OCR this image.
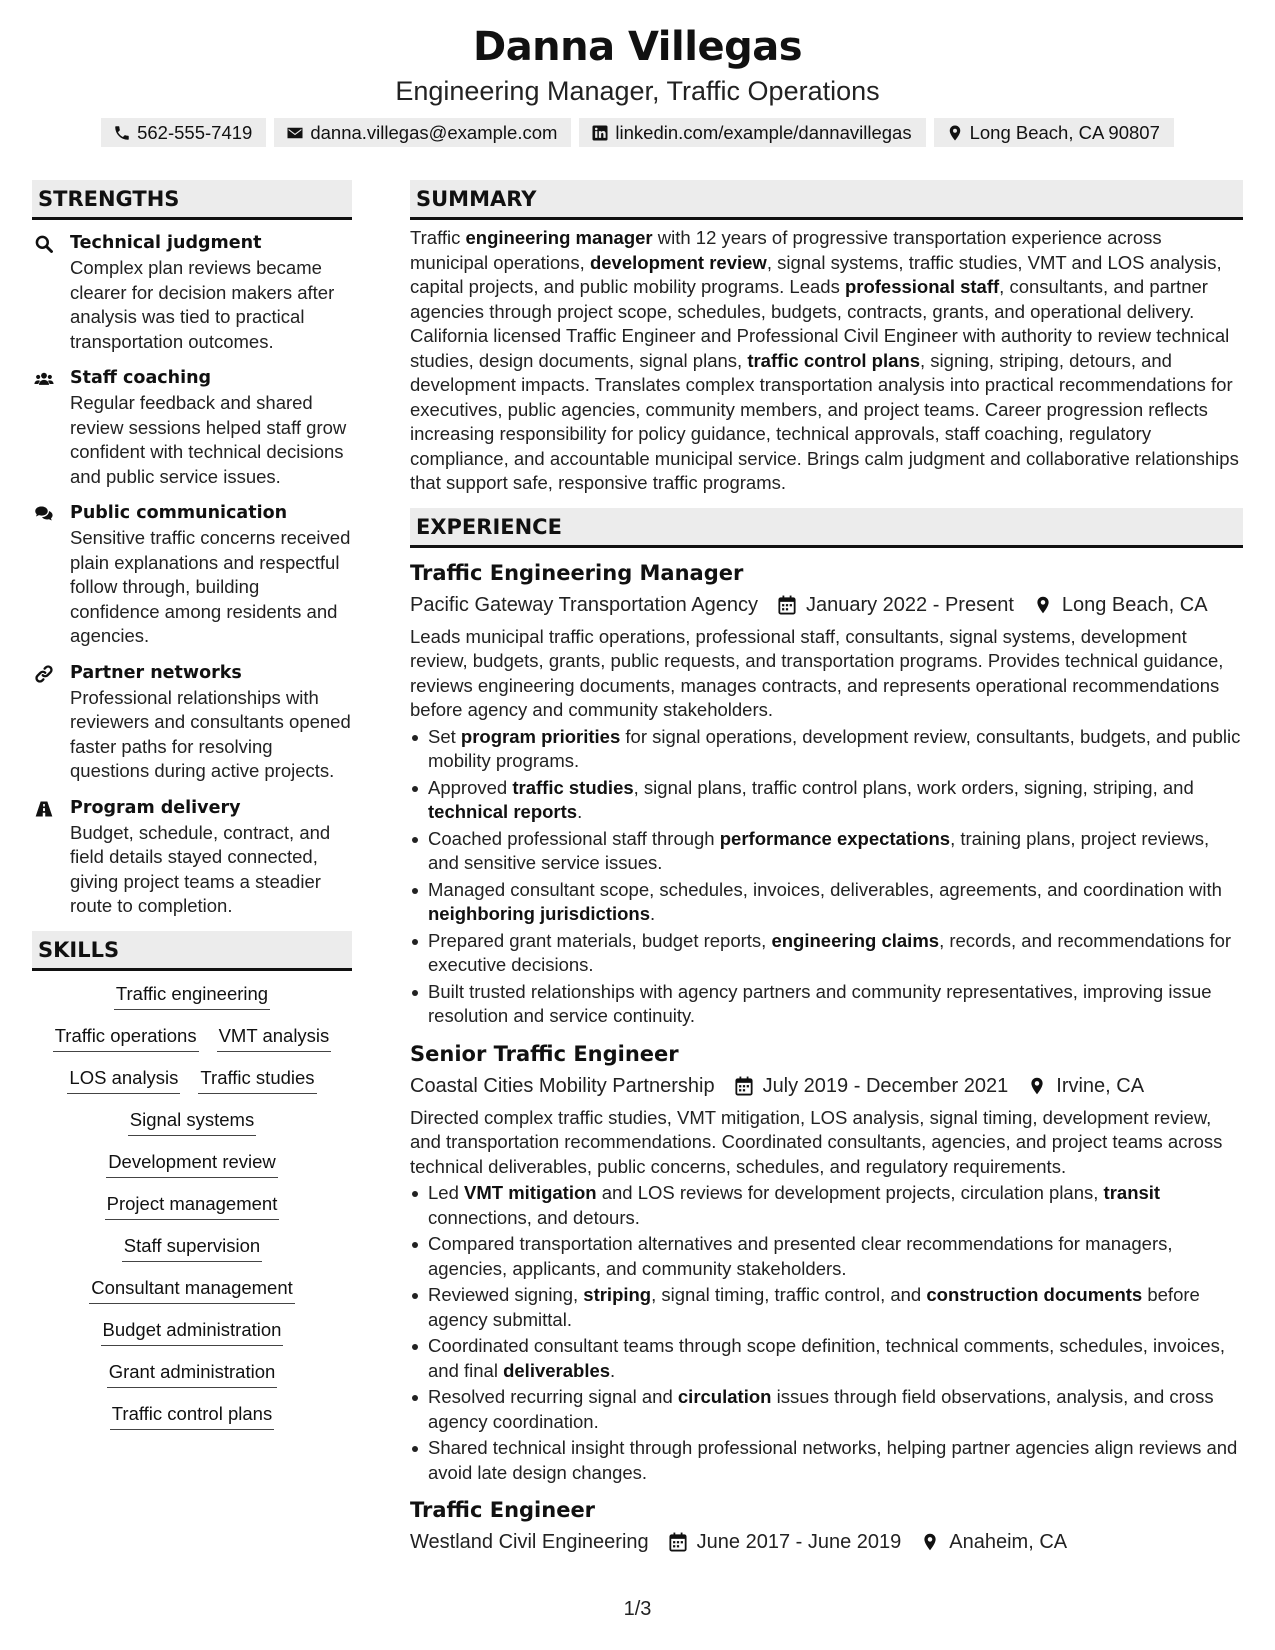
Danna Villegas
Engineering Manager, Traffic Operations
562-555-7419	danna.villegas@example.com	linkedin.com/example/dannavillegas	Long Beach, CA 90807
STRENGTHS
Technical judgment
Complex plan reviews became clearer for decision makers after analysis was tied to practical transportation outcomes.
Staff coaching
Regular feedback and shared review sessions helped staff grow confident with technical decisions and public service issues.
Public communication
Sensitive traffic concerns received plain explanations and respectful follow through, building confidence among residents and agencies.
Partner networks
Professional relationships with reviewers and consultants opened faster paths for resolving questions during active projects.
Program delivery
Budget, schedule, contract, and field details stayed connected, giving project teams a steadier route to completion.
SKILLS
Traffic engineering
Traffic operations VMT analysis
LOS analysis Traffic studies
Signal systems
Development review
Project management
Staff supervision
Consultant management
Budget administration
Grant administration
Traffic control plans
SUMMARY
Traffic engineering manager with 12 years of progressive transportation experience across municipal operations, development review, signal systems, traffic studies, VMT and LOS analysis, capital projects, and public mobility programs. Leads professional staff, consultants, and partner agencies through project scope, schedules, budgets, contracts, grants, and operational delivery. California licensed Traffic Engineer and Professional Civil Engineer with authority to review technical studies, design documents, signal plans, traffic control plans, signing, striping, detours, and development impacts. Translates complex transportation analysis into practical recommendations for executives, public agencies, community members, and project teams. Career progression reflects increasing responsibility for policy guidance, technical approvals, staff coaching, regulatory compliance, and accountable municipal service. Brings calm judgment and collaborative relationships that support safe, responsive traffic programs.
EXPERIENCE
Traffic Engineering Manager
Pacific Gateway Transportation Agency January 2022 - Present Long Beach, CA
Leads municipal traffic operations, professional staff, consultants, signal systems, development review, budgets, grants, public requests, and transportation programs. Provides technical guidance, reviews engineering documents, manages contracts, and represents operational recommendations before agency and community stakeholders.
Set program priorities for signal operations, development review, consultants, budgets, and public mobility programs.
Approved traffic studies, signal plans, traffic control plans, work orders, signing, striping, and technical reports.
Coached professional staff through performance expectations, training plans, project reviews, and sensitive service issues.
Managed consultant scope, schedules, invoices, deliverables, agreements, and coordination with neighboring jurisdictions.
Prepared grant materials, budget reports, engineering claims, records, and recommendations for executive decisions.
Built trusted relationships with agency partners and community representatives, improving issue resolution and service continuity.
Senior Traffic Engineer
Coastal Cities Mobility Partnership July 2019 - December 2021 Irvine, CA
Directed complex traffic studies, VMT mitigation, LOS analysis, signal timing, development review, and transportation recommendations. Coordinated consultants, agencies, and project teams across technical deliverables, public concerns, schedules, and regulatory requirements.
Led VMT mitigation and LOS reviews for development projects, circulation plans, transit connections, and detours.
Compared transportation alternatives and presented clear recommendations for managers, agencies, applicants, and community stakeholders.
Reviewed signing, striping, signal timing, traffic control, and construction documents before agency submittal.
Coordinated consultant teams through scope definition, technical comments, schedules, invoices, and final deliverables.
Resolved recurring signal and circulation issues through field observations, analysis, and cross agency coordination.
Shared technical insight through professional networks, helping partner agencies align reviews and avoid late design changes.
Traffic Engineer
Westland Civil Engineering June 2017 - June 2019 Anaheim, CA
1/3
